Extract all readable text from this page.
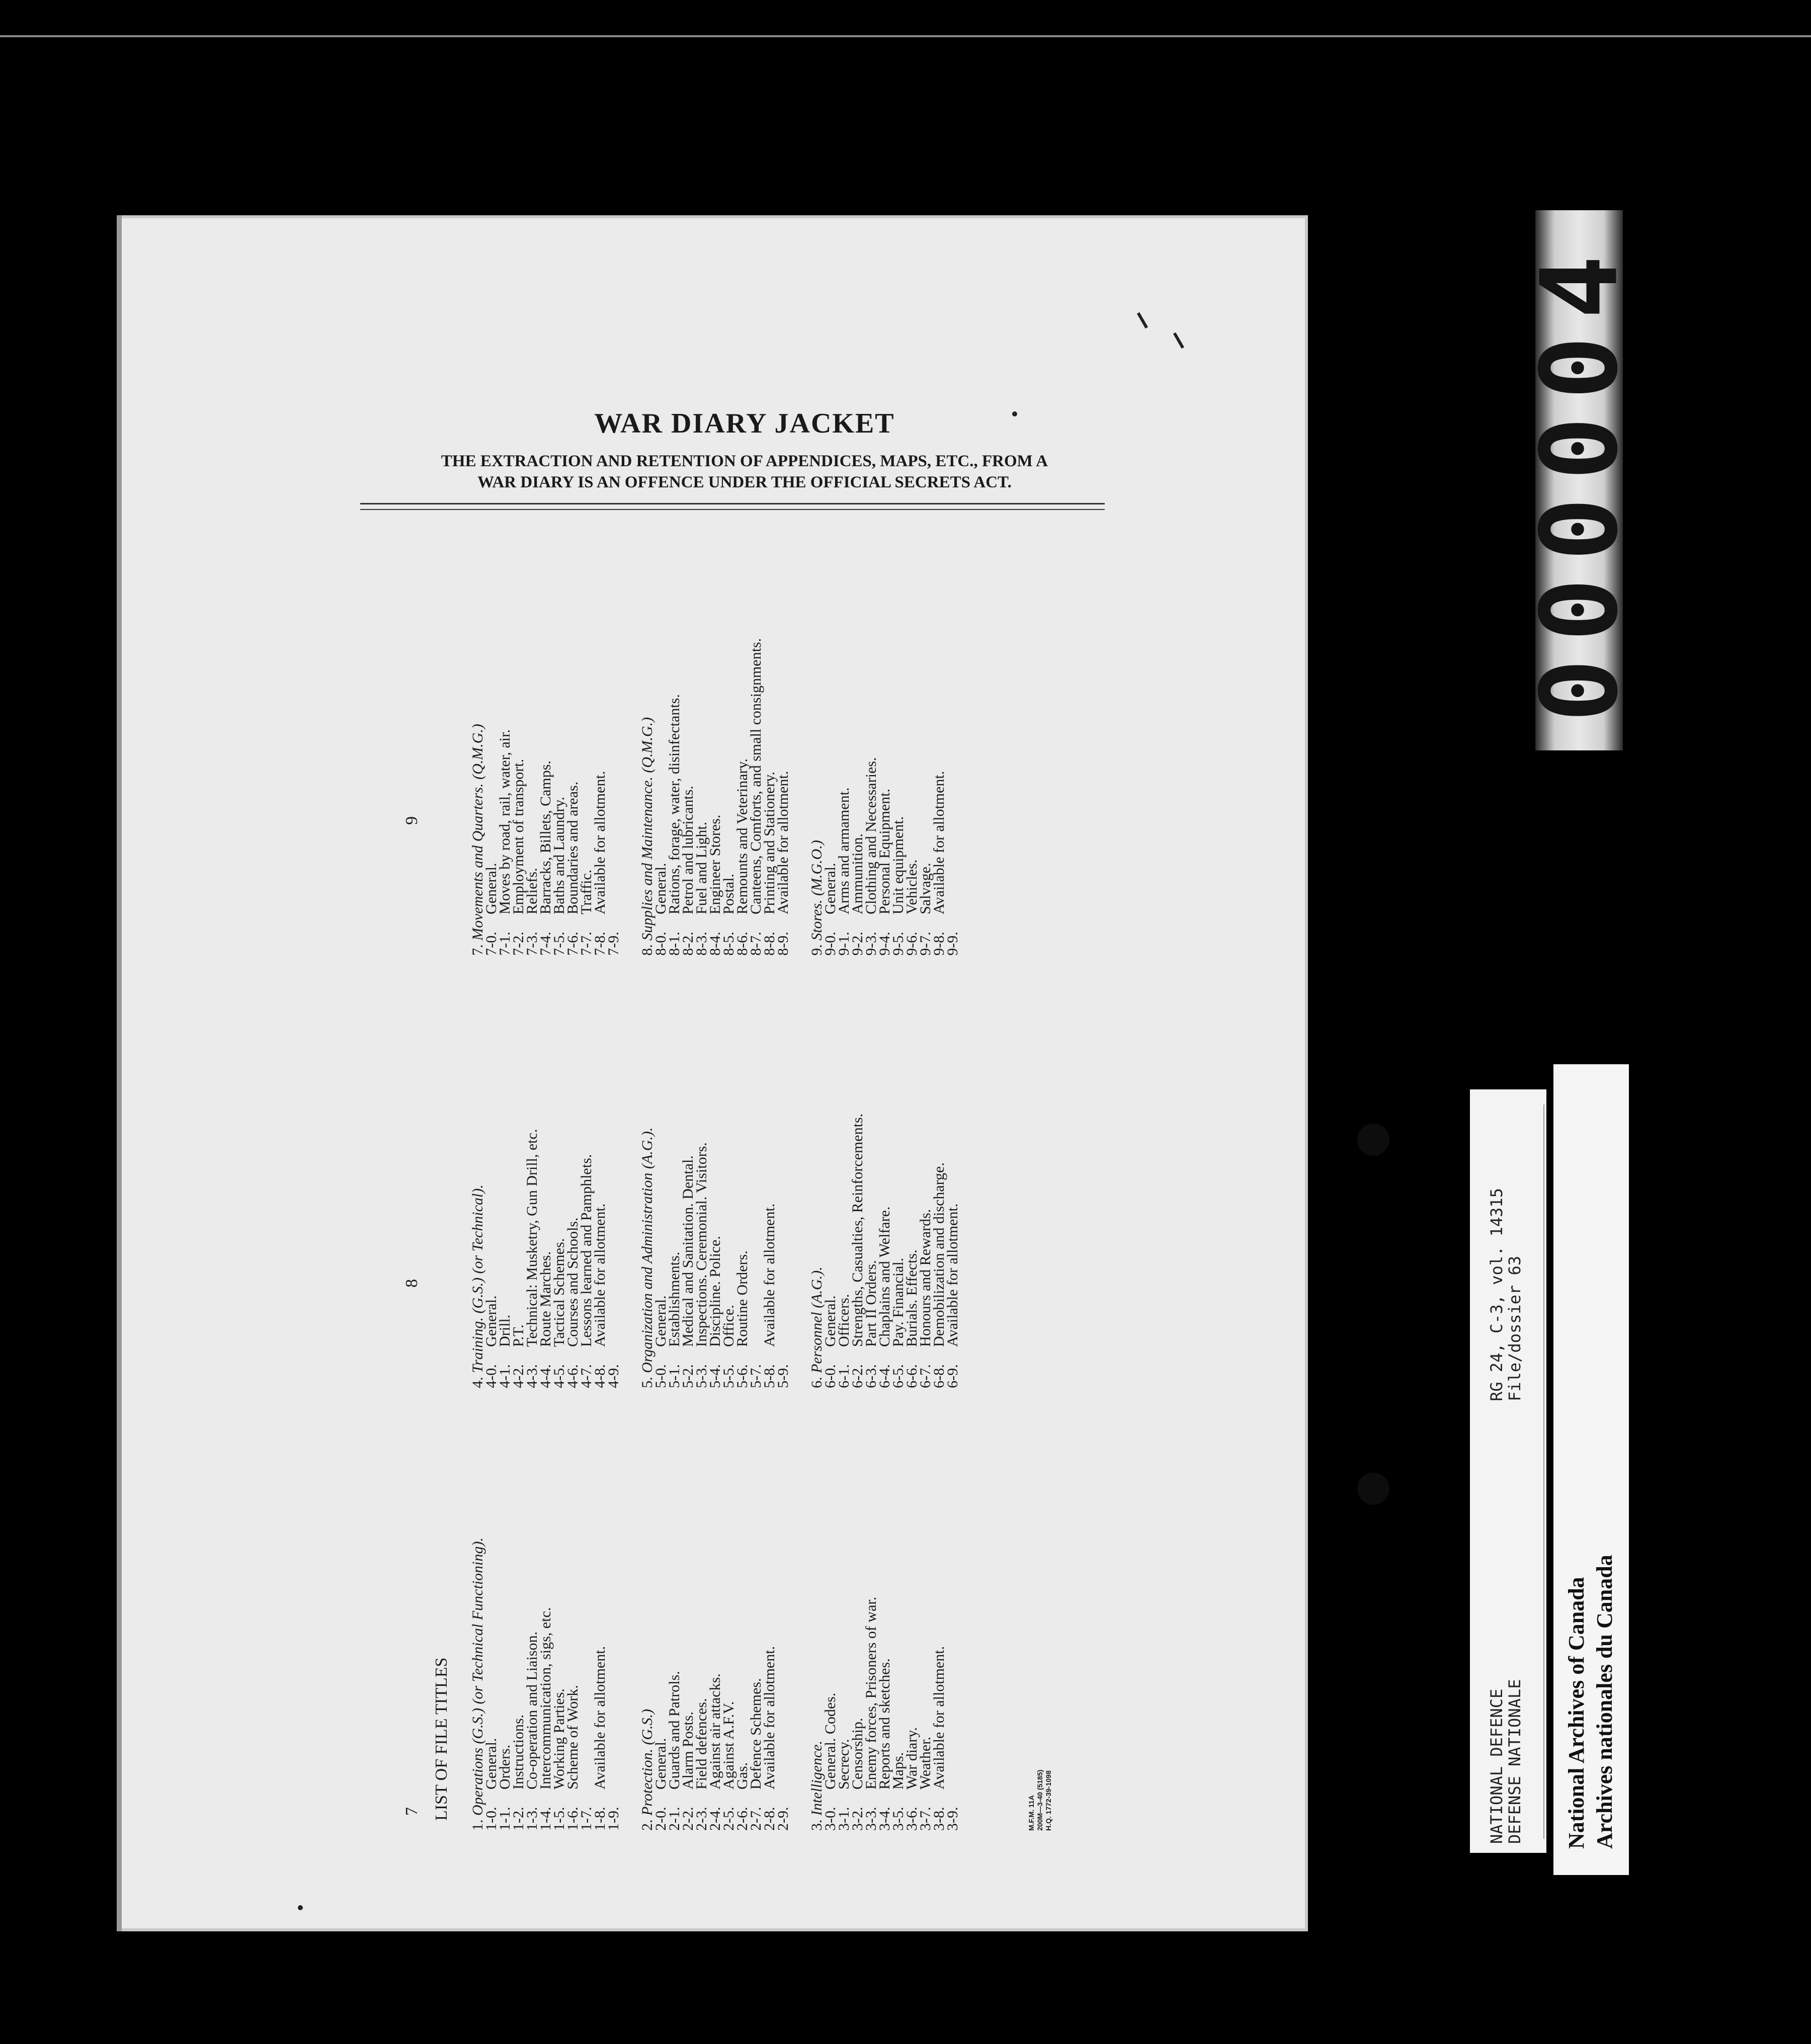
WAR DIARY JACKET
THE EXTRACTION AND RETENTION OF APPENDICES, MAPS, ETC., FROM A
WAR DIARY IS AN OFFENCE UNDER THE OFFICIAL SECRETS ACT.
7
8
9
LIST OF FILE TITLES
1. Operations (G.S.) (or Technical Functioning).
1-0.
General.
1-1.
Orders.
1-2.
Instructions.
1-3.
Co-operation and Liaison.
1-4.
Intercommunication, sigs, etc.
1-5.
Working Parties.
1-6.
Scheme of Work.
1-7.
1-8.
Available for allotment.
1-9. 2. Protection. (G.S.)
2-0.
General.
2-1.
Guards and Patrols.
2-2.
Alarm Posts.
2-3.
Field defences.
2-4.
Against air attacks.
2-5.
Against A.F.V.
2-6.
Gas.
2-7.
Defence Schemes.
2-8.
Available for allotment.
2-9. 3. Intelligence.
3-0.
General. Codes.
3-1.
Secrecy.
3-2.
Censorship.
3-3.
Enemy forces, Prisoners of war.
3-4.
Reports and sketches.
3-5.
Maps.
3-6.
War diary.
3-7.
Weather.
3-8.
Available for allotment.
3-9.
4. Training. (G.S.) (or Technical).
4-0.
General.
4-1.
Drill.
4-2.
P.T.
4-3.
Technical: Musketry, Gun Drill, etc.
4-4.
Route Marches.
4-5.
Tactical Schemes.
4-6.
Courses and Schools.
4-7.
Lessons learned and Pamphlets.
4-8.
Available for allotment.
4-9. 5. Organization and Administration (A.G.).
5-0.
General.
5-1.
Establishments.
5-2.
Medical and Sanitation. Dental.
5-3.
Inspections. Ceremonial. Visitors.
5-4.
Discipline. Police.
5-5.
Office.
5-6.
Routine Orders.
5-7.
5-8.
Available for allotment.
5-9. 6. Personnel (A.G.).
6-0.
General.
6-1.
Officers.
6-2.
Strengths, Casualties, Reinforcements.
6-3.
Part II Orders.
6-4.
Chaplains and Welfare.
6-5.
Pay. Financial.
6-6.
Burials. Effects.
6-7.
Honours and Rewards.
6-8.
Demobilization and discharge.
6-9.
Available for allotment.
7. Movements and Quarters. (Q.M.G.)
7-0.
General.
7-1.
Moves by road, rail, water, air.
7-2.
Employment of transport.
7-3.
Reliefs.
7-4.
Barracks, Billets, Camps.
7-5.
Baths and Laundry.
7-6.
Boundaries and areas.
7-7.
Traffic.
7-8.
Available for allotment.
7-9. 8. Supplies and Maintenance. (Q.M.G.)
8-0.
General.
8-1.
Rations, forage, water, disinfectants.
8-2.
Petrol and lubricants.
8-3.
Fuel and Light.
8-4.
Engineer Stores.
8-5.
Postal.
8-6.
Remounts and Veterinary.
8-7.
Canteens, Comforts, and small consignments.
8-8.
Printing and Stationery.
8-9.
Available for allotment.
9. Stores. (M.G.O.)
9-0.
General.
9-1.
Arms and armament.
9-2.
Ammunition.
9-3.
Clothing and Necessaries.
9-4.
Personal Equipment.
9-5.
Unit equipment.
9-6.
Vehicles.
9-7.
Salvage.
9-8.
Available for allotment.
9-9.
M.F.M. 11A 200M—3-40 (5185) H.Q. 1772-39-1098
000004
NATIONAL DEFENCE
DEFENSE NATIONALE
RG 24, C-3, vol. 14315
File/dossier 63
National Archives of Canada Archives nationales du Canada
